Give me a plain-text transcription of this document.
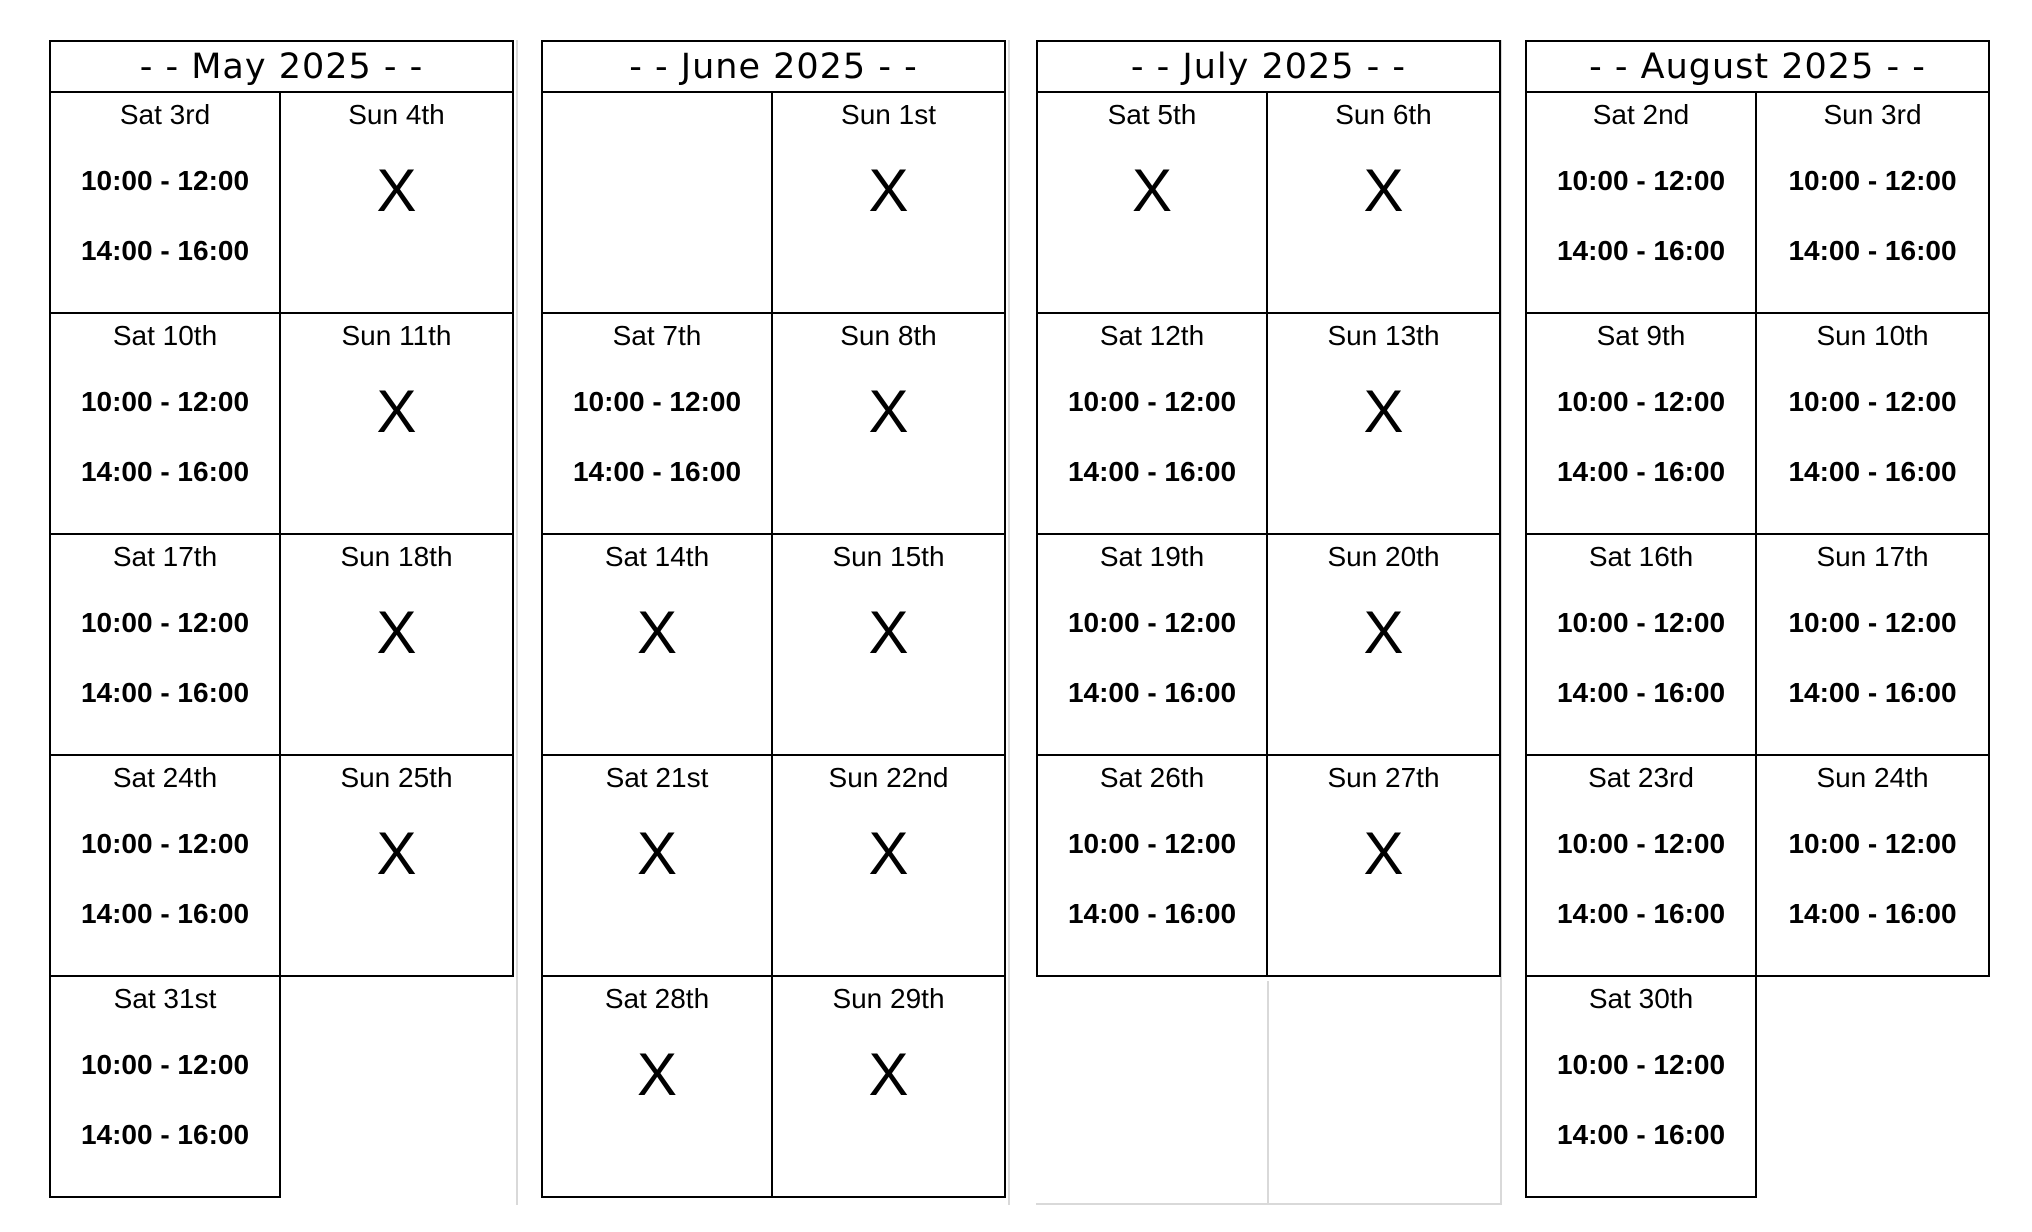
- - May 2025 - -
Sat 3rd
10:00 - 12:00
14:00 - 16:00
Sun 4th
X
Sat 10th
10:00 - 12:00
14:00 - 16:00
Sun 11th
X
Sat 17th
10:00 - 12:00
14:00 - 16:00
Sun 18th
X
Sat 24th
10:00 - 12:00
14:00 - 16:00
Sun 25th
X
Sat 31st
10:00 - 12:00
14:00 - 16:00
- - June 2025 - -
Sun 1st
X
Sat 7th
10:00 - 12:00
14:00 - 16:00
Sun 8th
X
Sat 14th
X
Sun 15th
X
Sat 21st
X
Sun 22nd
X
Sat 28th
X
Sun 29th
X
- - July 2025 - -
Sat 5th
X
Sun 6th
X
Sat 12th
10:00 - 12:00
14:00 - 16:00
Sun 13th
X
Sat 19th
10:00 - 12:00
14:00 - 16:00
Sun 20th
X
Sat 26th
10:00 - 12:00
14:00 - 16:00
Sun 27th
X
- - August 2025 - -
Sat 2nd
10:00 - 12:00
14:00 - 16:00
Sun 3rd
10:00 - 12:00
14:00 - 16:00
Sat 9th
10:00 - 12:00
14:00 - 16:00
Sun 10th
10:00 - 12:00
14:00 - 16:00
Sat 16th
10:00 - 12:00
14:00 - 16:00
Sun 17th
10:00 - 12:00
14:00 - 16:00
Sat 23rd
10:00 - 12:00
14:00 - 16:00
Sun 24th
10:00 - 12:00
14:00 - 16:00
Sat 30th
10:00 - 12:00
14:00 - 16:00
